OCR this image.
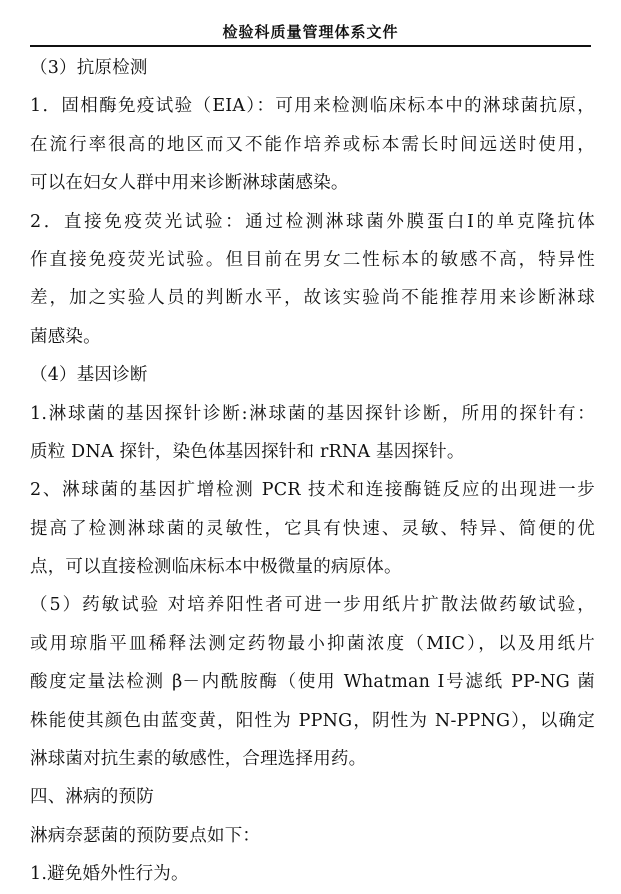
检验科质量管理体系文件
（3）抗原检测
1．固相酶免疫试验（EIA）：可用来检测临床标本中的淋球菌抗原，
在流行率很高的地区而又不能作培养或标本需长时间远送时使用，
可以在妇女人群中用来诊断淋球菌感染。
2．直接免疫荧光试验：通过检测淋球菌外膜蛋白Ⅰ的单克隆抗体
作直接免疫荧光试验。但目前在男女二性标本的敏感不高，特异性
差，加之实验人员的判断水平，故该实验尚不能推荐用来诊断淋球
菌感染。
（4）基因诊断
1.淋球菌的基因探针诊断:淋球菌的基因探针诊断，所用的探针有：
质粒 DNA 探针，染色体基因探针和 rRNA 基因探针。
2、淋球菌的基因扩增检测 PCR 技术和连接酶链反应的出现进一步
提高了检测淋球菌的灵敏性，它具有快速、灵敏、特异、简便的优
点，可以直接检测临床标本中极微量的病原体。
（5）药敏试验 对培养阳性者可进一步用纸片扩散法做药敏试验，
或用琼脂平皿稀释法测定药物最小抑菌浓度（MIC），以及用纸片
酸度定量法检测 β－内酰胺酶（使用 Whatman Ⅰ号滤纸 PP-NG 菌
株能使其颜色由蓝变黄，阳性为 PPNG，阴性为 N-PPNG），以确定
淋球菌对抗生素的敏感性，合理选择用药。
四、淋病的预防
淋病奈瑟菌的预防要点如下：
1.避免婚外性行为。
